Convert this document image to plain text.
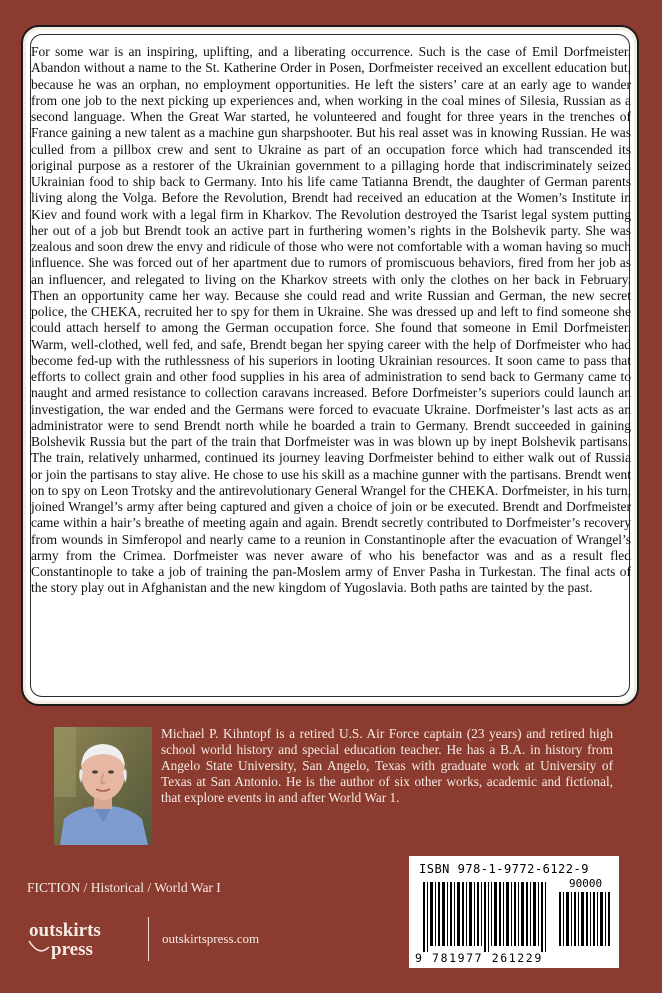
For some war is an inspiring, uplifting, and a liberating occurrence. Such is the case of Emil Dorfmeister. Abandon without a name to the St. Katherine Order in Posen, Dorfmeister received an excellent education but, because he was an orphan, no employment opportunities. He left the sisters’ care at an early age to wander from one job to the next picking up experiences and, when working in the coal mines of Silesia, Russian as a second language. When the Great War started, he volunteered and fought for three years in the trenches of France gaining a new talent as a machine gun sharpshooter. But his real asset was in knowing Russian. He was culled from a pillbox crew and sent to Ukraine as part of an occupation force which had transcended its original purpose as a restorer of the Ukrainian government to a pillaging horde that indiscriminately seized Ukrainian food to ship back to Germany. Into his life came Tatianna Brendt, the daughter of German parents living along the Volga. Before the Revolution, Brendt had received an education at the Women’s Institute in Kiev and found work with a legal firm in Kharkov. The Revolution destroyed the Tsarist legal system putting her out of a job but Brendt took an active part in furthering women’s rights in the Bolshevik party. She was zealous and soon drew the envy and ridicule of those who were not comfortable with a woman having so much influence. She was forced out of her apartment due to rumors of promiscuous behaviors, fired from her job as an influencer, and relegated to living on the Kharkov streets with only the clothes on her back in February. Then an opportunity came her way. Because she could read and write Russian and German, the new secret police, the CHEKA, recruited her to spy for them in Ukraine. She was dressed up and left to find someone she could attach herself to among the German occupation force. She found that someone in Emil Dorfmeister. Warm, well-clothed, well fed, and safe, Brendt began her spying career with the help of Dorfmeister who had become fed-up with the ruthlessness of his superiors in looting Ukrainian resources. It soon came to pass that efforts to collect grain and other food supplies in his area of administration to send back to Germany came to naught and armed resistance to collection caravans increased. Before Dorfmeister’s superiors could launch an investigation, the war ended and the Germans were forced to evacuate Ukraine. Dorfmeister’s last acts as an administrator were to send Brendt north while he boarded a train to Germany. Brendt succeeded in gaining Bolshevik Russia but the part of the train that Dorfmeister was in was blown up by inept Bolshevik partisans. The train, relatively unharmed, continued its journey leaving Dorfmeister behind to either walk out of Russia or join the partisans to stay alive. He chose to use his skill as a machine gunner with the partisans. Brendt went on to spy on Leon Trotsky and the antirevolutionary General Wrangel for the CHEKA. Dorfmeister, in his turn, joined Wrangel’s army after being captured and given a choice of join or be executed. Brendt and Dorfmeister came within a hair’s breathe of meeting again and again. Brendt secretly contributed to Dorfmeister’s recovery from wounds in Simferopol and nearly came to a reunion in Constantinople after the evacuation of Wrangel’s army from the Crimea. Dorfmeister was never aware of who his benefactor was and as a result fled Constantinople to take a job of training the pan-Moslem army of Enver Pasha in Turkestan. The final acts of the story play out in Afghanistan and the new kingdom of Yugoslavia. Both paths are tainted by the past.

Michael P. Kihntopf is a retired U.S. Air Force captain (23 years) and retired high school world history and special education teacher. He has a B.A. in history from Angelo State University, San Angelo, Texas with graduate work at University of Texas at San Antonio. He is the author of six other works, academic and fictional, that explore events in and after World War 1.

ISBN 978-1-9772-6122-9
90000
9 781977 261229
FICTION / Historical / World War I
outskirts
press
outskirtspress.com
